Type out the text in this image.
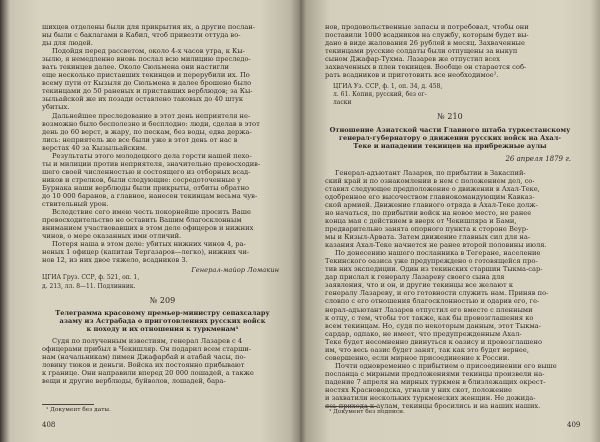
шихцев отделены были для прикрытия их, а другие послан-
ны были с баклагами в Кабил, чтоб привезти оттуда во-
ды для людей.
Подойдя перед рассветом, около 4-х часов утра, к Кы-
зылю, я немедленно вновь послал всю милицию преследо-
вать текинцев далее. Около Сюльмена они настигли
еще несколько приставших текинцев и перерубили их. По
всему пути от Кызыля до Сюльмена в далее брошено было
текинцами до 50 раненых и приставших верблюдов; за Кы-
зыльайской же их позади оставлено таковых до 40 штук
убитых.
Дальнейшее преследование в этот день неприятеля не-
возможно было бесполезно и бесплодно: люди, сделав в этот
день до 60 верст, в жару, по пескам, без воды, едва держа-
лись: неприятель же все были уже в этот день от нас в
верстах 40 за Кызыльайским.
Результаты этого молодецкого дела горсти нашей пехо-
ты и милиции против неприятеля, значительно превосходив-
шего своей численностью и состоящего из отборных всад-
ников и стрелков, были следующие: сосредоточенные у
Бурнака наши верблюды были прикрыты, отбиты обратно
до 10 000 баранов, а главное, нанесен текинцам весьма чув-
ствительный урон.
Вследствие сего имею честь покорнейше просить Ваше
превосходительство не оставить Вашим благосклонным
вниманием участвовавших в этом деле офицеров и нижних
чинов, о мере оказанных ими отличий.
Потеря наша в этом деле: убитых нижних чинов 4, ра-
неных 1 офицер (капитан Тергазаров—легко), нижних чи-
нов 12, из них двое тяжело, всадников 3.
Генерал-майор Ломакин
ЦГИА Груз. ССР, ф. 521, оп. 1,
д. 213, лл. 8—11. Подлинник.
№ 209
Телеграмма красовому премьер-министру сепахсалару
азаму из Астрабада о приготовлениях русских войск
к походу и их отношения к туркменам¹
Судя по полученным известиям, генерал Лазарев с 4
офицерами прибыл в Чекишляр. Он подарил всем старши-
нам (начальникам) пимен Джафарбай и атабай часы, по-
ловину тюков и деньги. Войска их постоянно прибывают
к границе. Они направили вперед 20 000 лошадей, а также
вещи и другие верблюды, буйволов, лошадей, бара-
¹ Документ без даты.
408
нов, продовольственные запасы и потребовал, чтобы они
поставили 1000 всадников на службу, которым будет вы-
дано в виде жалования 26 рублей в месяц. Захваченные
текинцами русские солдаты были отпущены за выкуп
сыном Джафар-Тухма. Лазарев же отпустил всех
захваченных в плен текинцев. Вообще он старается соб-
рать всадников и приготовить все необходимое¹.
ЦГИА Уз. ССР, ф. 1, оп. 34, д. 458,
л. 61. Копия, русский, без ог-
ласки
№ 210
Отношение Азиатской части Главного штаба туркестанскому
генерал-губернатору о движении русских войск на Ахал-
Теке и нападении текинцев на прибрежные аулы
26 апреля 1879 г.
Генерал-адъютант Лазарев, по прибытии в Закаспий-
ский край и по ознакомлении в нем с положением дел, со-
ставил следующее предположение о движении в Ахал-Теке,
одобренное его высочеством главнокомандующим Кавказ-
ской армией. Движение главного отряда в Ахал-Теке долж-
но начаться, по прибытии войск на новое место, не ранее
конца мая с действием в вверх от Чекишляра и Бами,
предварительно занята опорного пункта к стороне Веур-
мы и Кизыл-Арвата. Затем движение главных сил для на-
казания Ахал-Теке начнется не ранее второй половины июля.
По донесению нашего посланника в Тегеране, население
Текинского оазиса уже предупреждено о готовящейся про-
тив них экспедиции. Один из текинских старшин Тыкма-сар-
дар прислал к генералу Лазареву своего сына для
заявления, что и он, и другие текинцы все желают к
генералу Лазареву, и его готовности служить нам. Приняв по-
словпо с его отношения благосклонностью и одарив его, ге-
нерал-адъютант Лазарев отпустил его вместе с пленными
к отцу, с тем, чтобы тот также, как бы провозглашения ко
всем текинцам. Но, судя по некоторым данным, этот Тыкма-
сардар, одпако, не имеет, что предупрежденным Ахал-
Теке будет несомненно двинуться к оазису и провозглашено
им, что весь оазис будет занят, так как это будет вернее,
совершенно, если мирное присоединение к России.
Почти одновременно с прибытием о присоединении его выше
посланца с мирными предложениями текинцы произвели на-
падение 7 апреля на мирных туркмен в близлежащих окрест-
ностях Красноводска, угнали у них скот, положение
и захватили нескольких туркменских женщин. Не дожида-
ясь прихода к аулам, текинцы бросились и на наших наших.
¹ Документ без подписи.
409
